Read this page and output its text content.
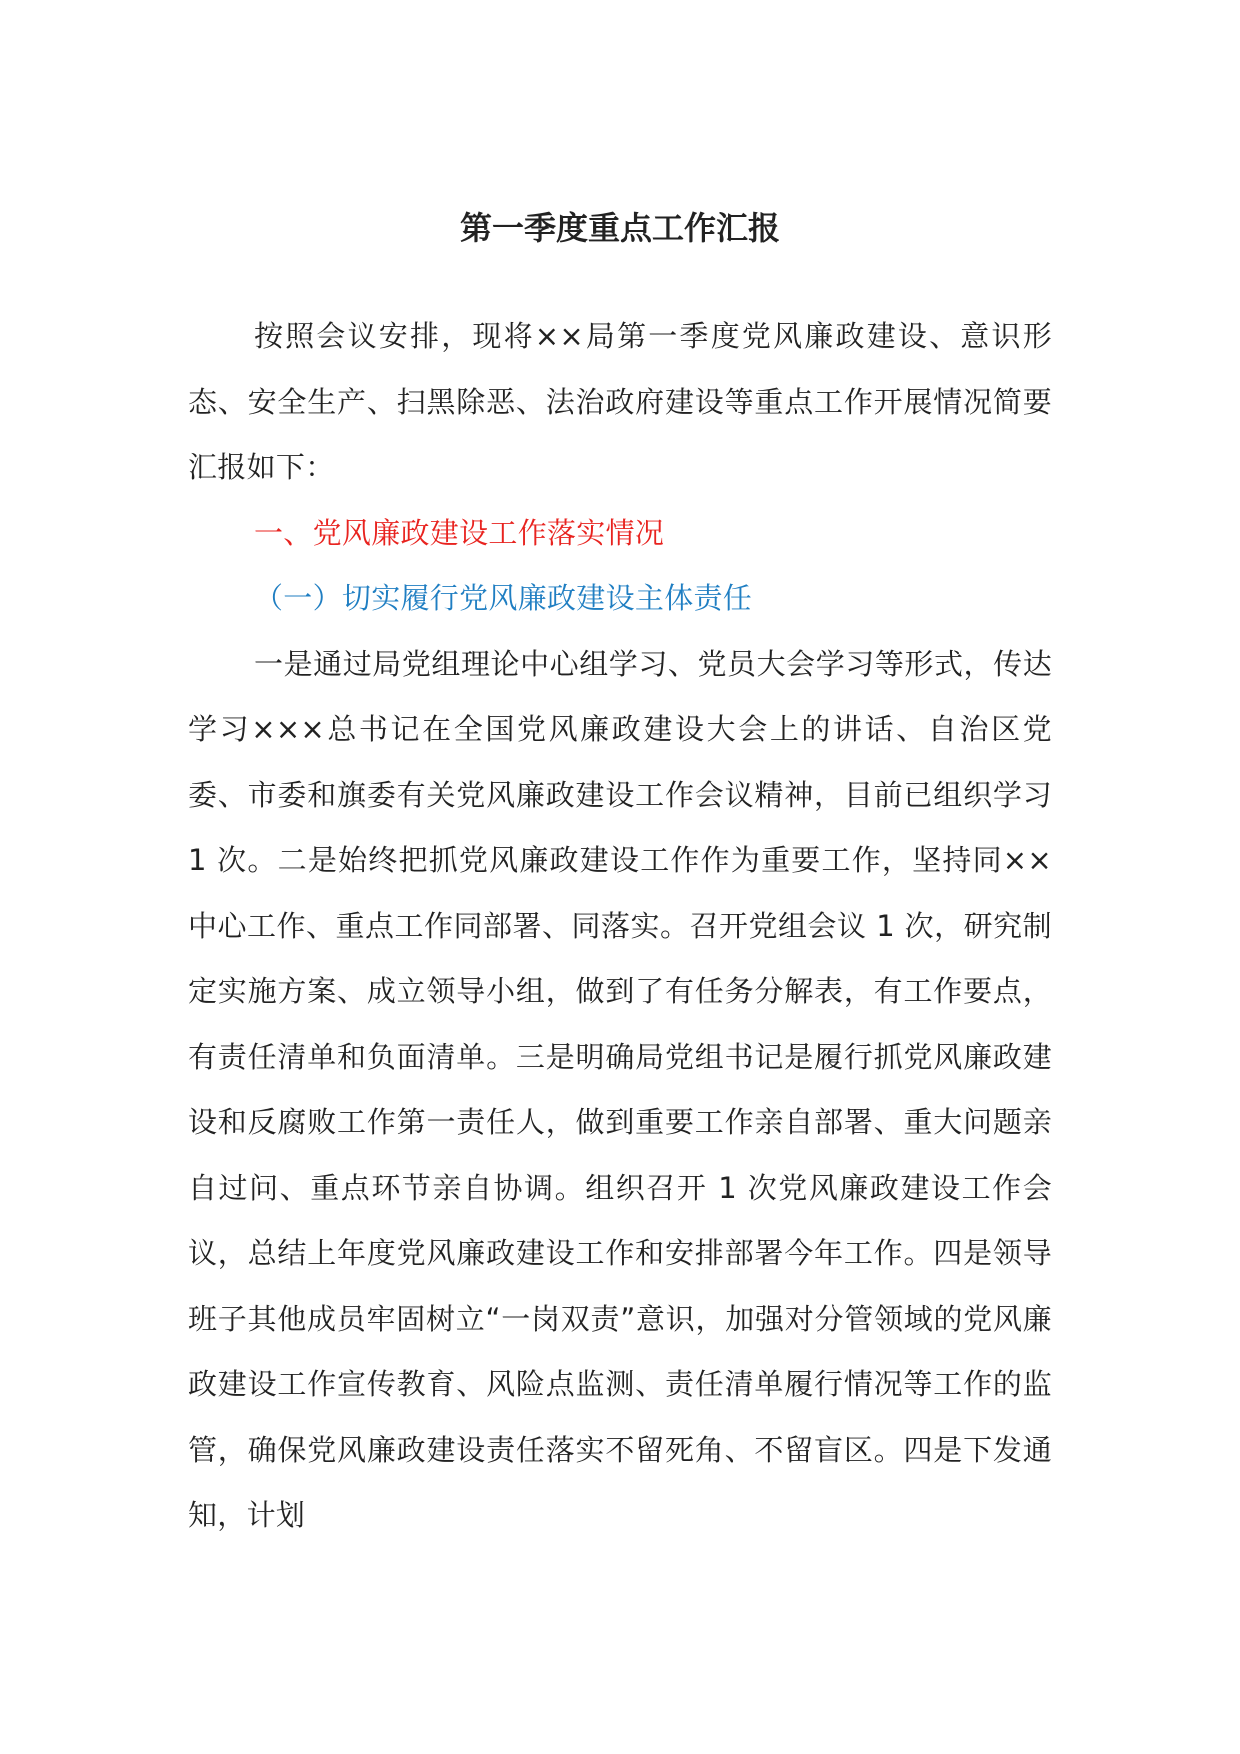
第一季度重点工作汇报

按照会议安排，现将××局第一季度党风廉政建设、意识形态、安全生产、扫黑除恶、法治政府建设等重点工作开展情况简要汇报如下：

一、党风廉政建设工作落实情况

（一）切实履行党风廉政建设主体责任

一是通过局党组理论中心组学习、党员大会学习等形式，传达学习×××总书记在全国党风廉政建设大会上的讲话、自治区党委、市委和旗委有关党风廉政建设工作会议精神，目前已组织学习 1 次。二是始终把抓党风廉政建设工作作为重要工作，坚持同××中心工作、重点工作同部署、同落实。召开党组会议 1 次，研究制定实施方案、成立领导小组，做到了有任务分解表，有工作要点，有责任清单和负面清单。三是明确局党组书记是履行抓党风廉政建设和反腐败工作第一责任人，做到重要工作亲自部署、重大问题亲自过问、重点环节亲自协调。组织召开 1 次党风廉政建设工作会议，总结上年度党风廉政建设工作和安排部署今年工作。四是领导班子其他成员牢固树立“一岗双责”意识，加强对分管领域的党风廉政建设工作宣传教育、风险点监测、责任清单履行情况等工作的监管，确保党风廉政建设责任落实不留死角、不留盲区。四是下发通知，计划
